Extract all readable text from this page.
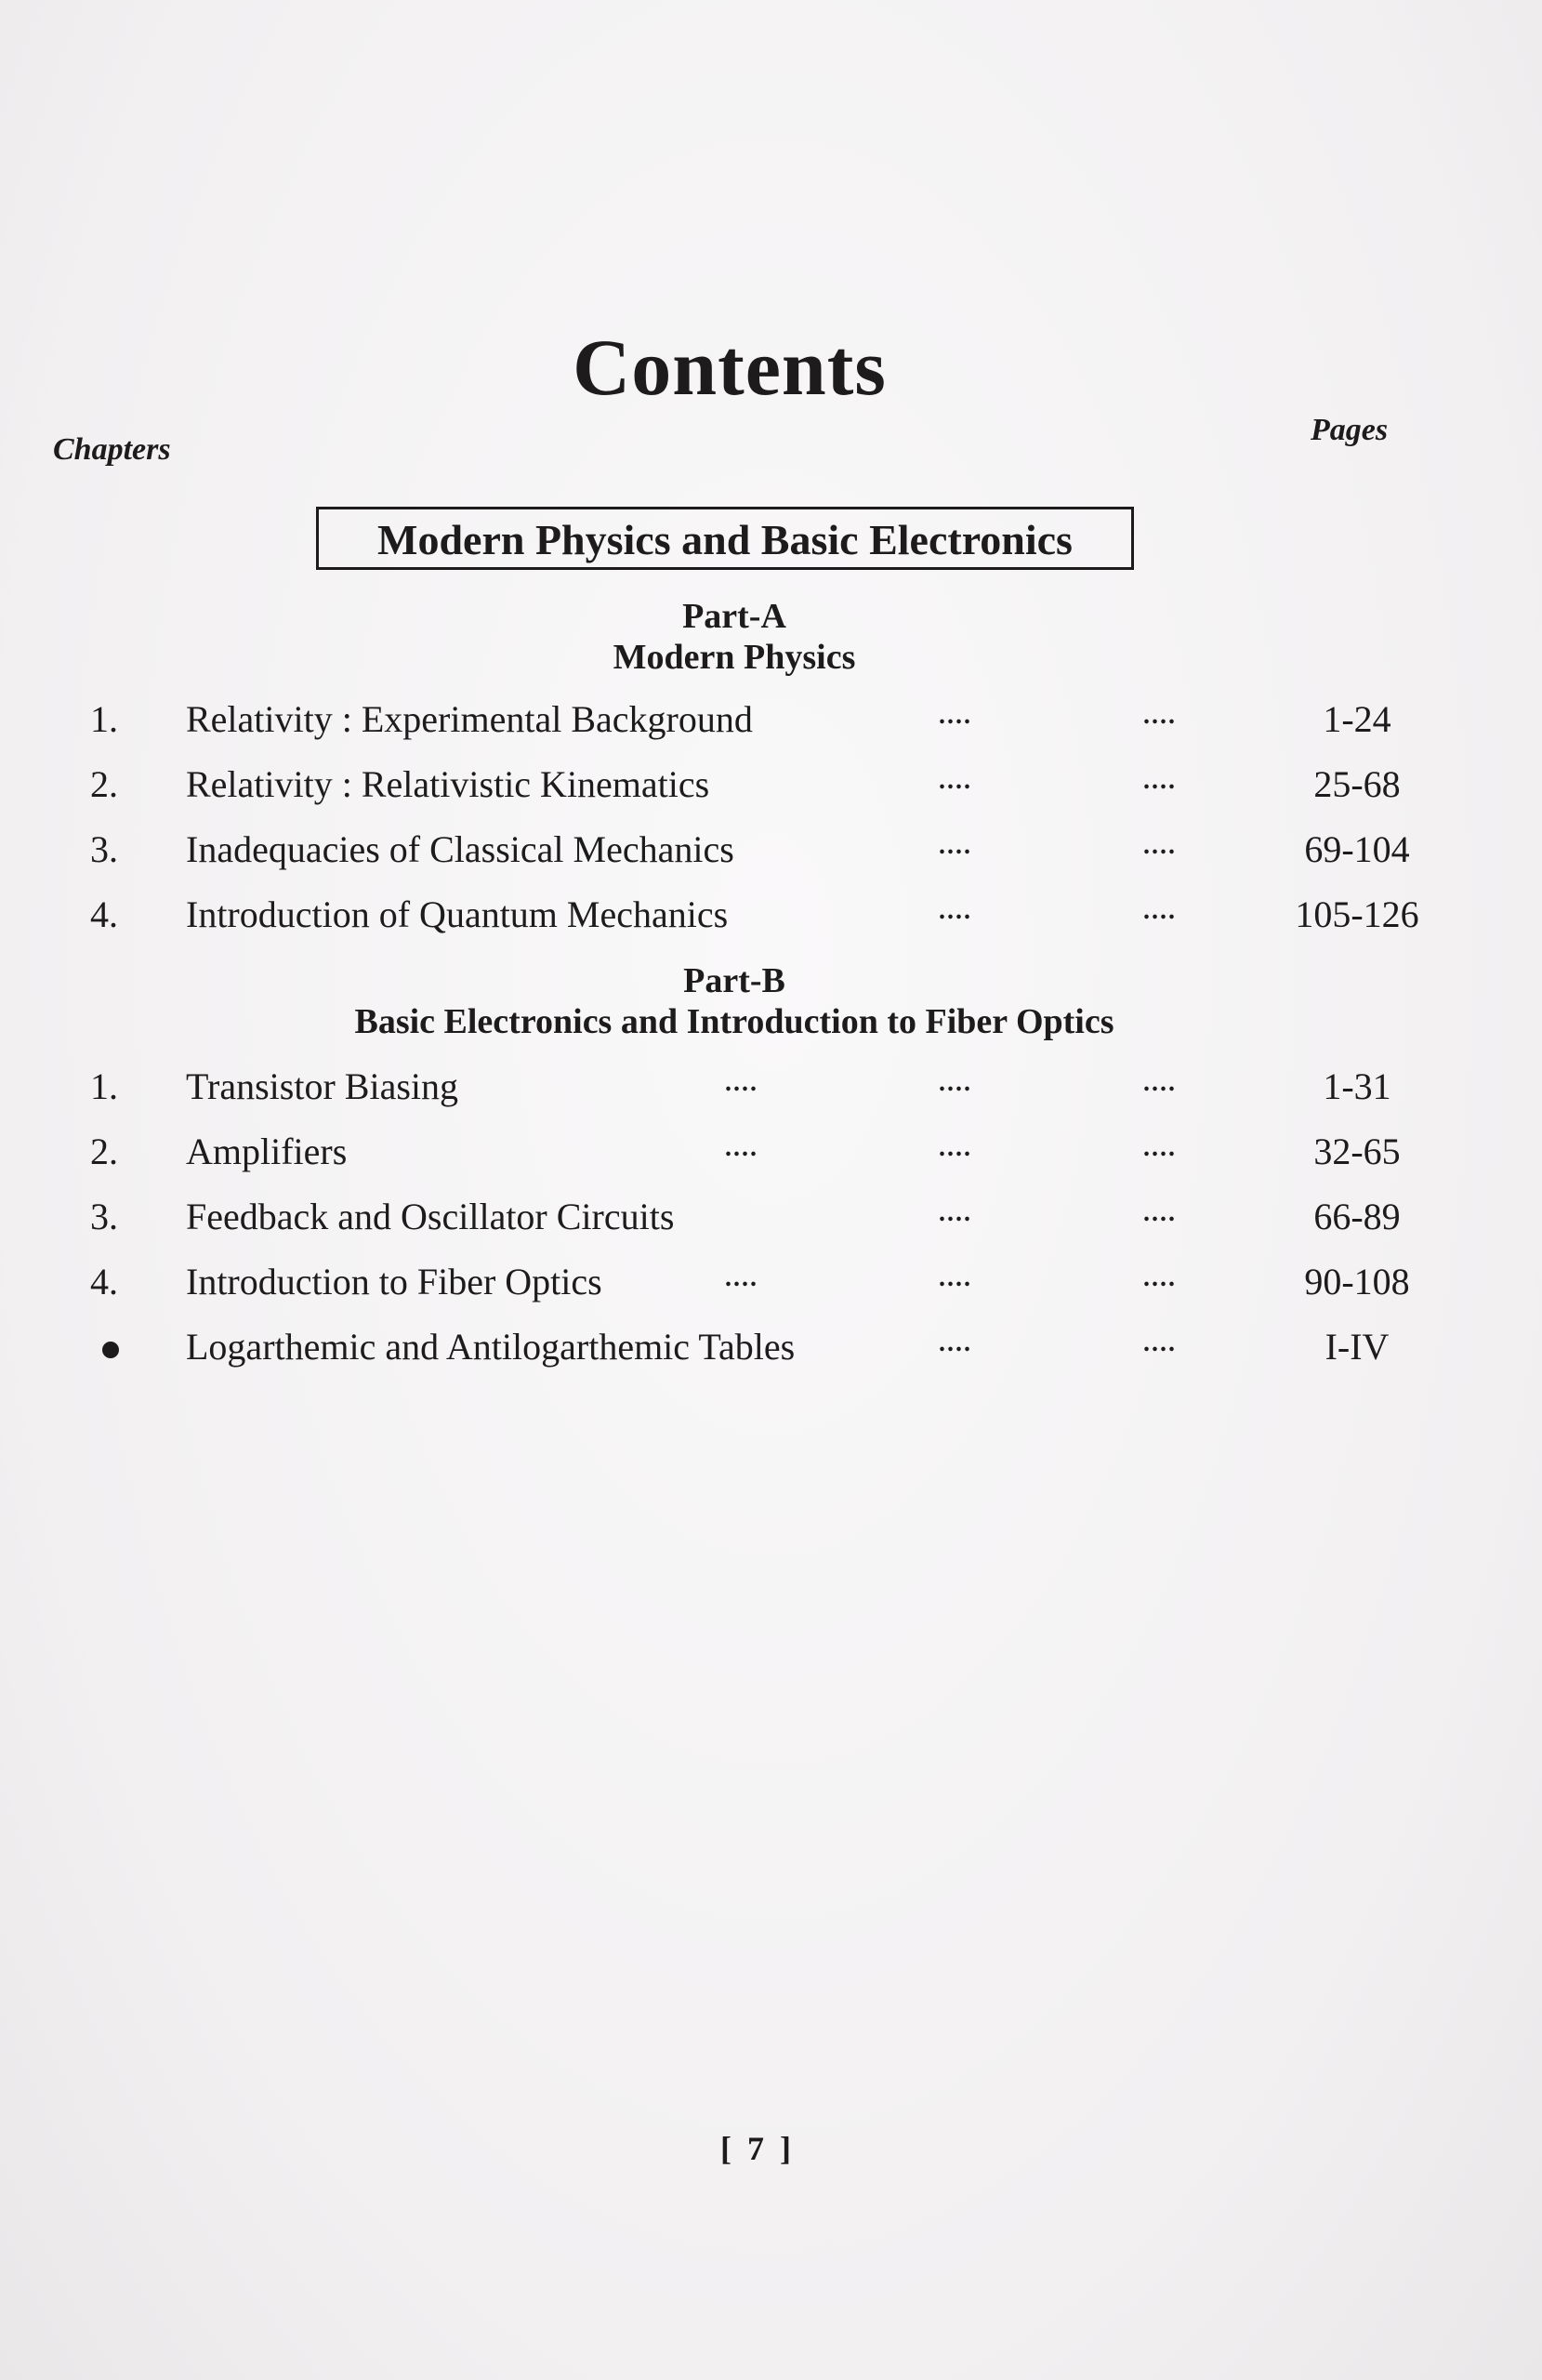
Contents
Chapters
Pages
Modern Physics and Basic Electronics
Part-A
Modern Physics
1. Relativity : Experimental Background	....	....	1-24
2. Relativity : Relativistic Kinematics	....	....	25-68
3. Inadequacies of Classical Mechanics	....	....	69-104
4. Introduction of Quantum Mechanics	....	....	105-126
Part-B
Basic Electronics and Introduction to Fiber Optics
1. Transistor Biasing	....	....	....	1-31
2. Amplifiers	....	....	....	32-65
3. Feedback and Oscillator Circuits	....	....	66-89
4. Introduction to Fiber Optics	....	....	....	90-108
Logarthemic and Antilogarthemic Tables	....	....	I-IV
[ 7 ]
